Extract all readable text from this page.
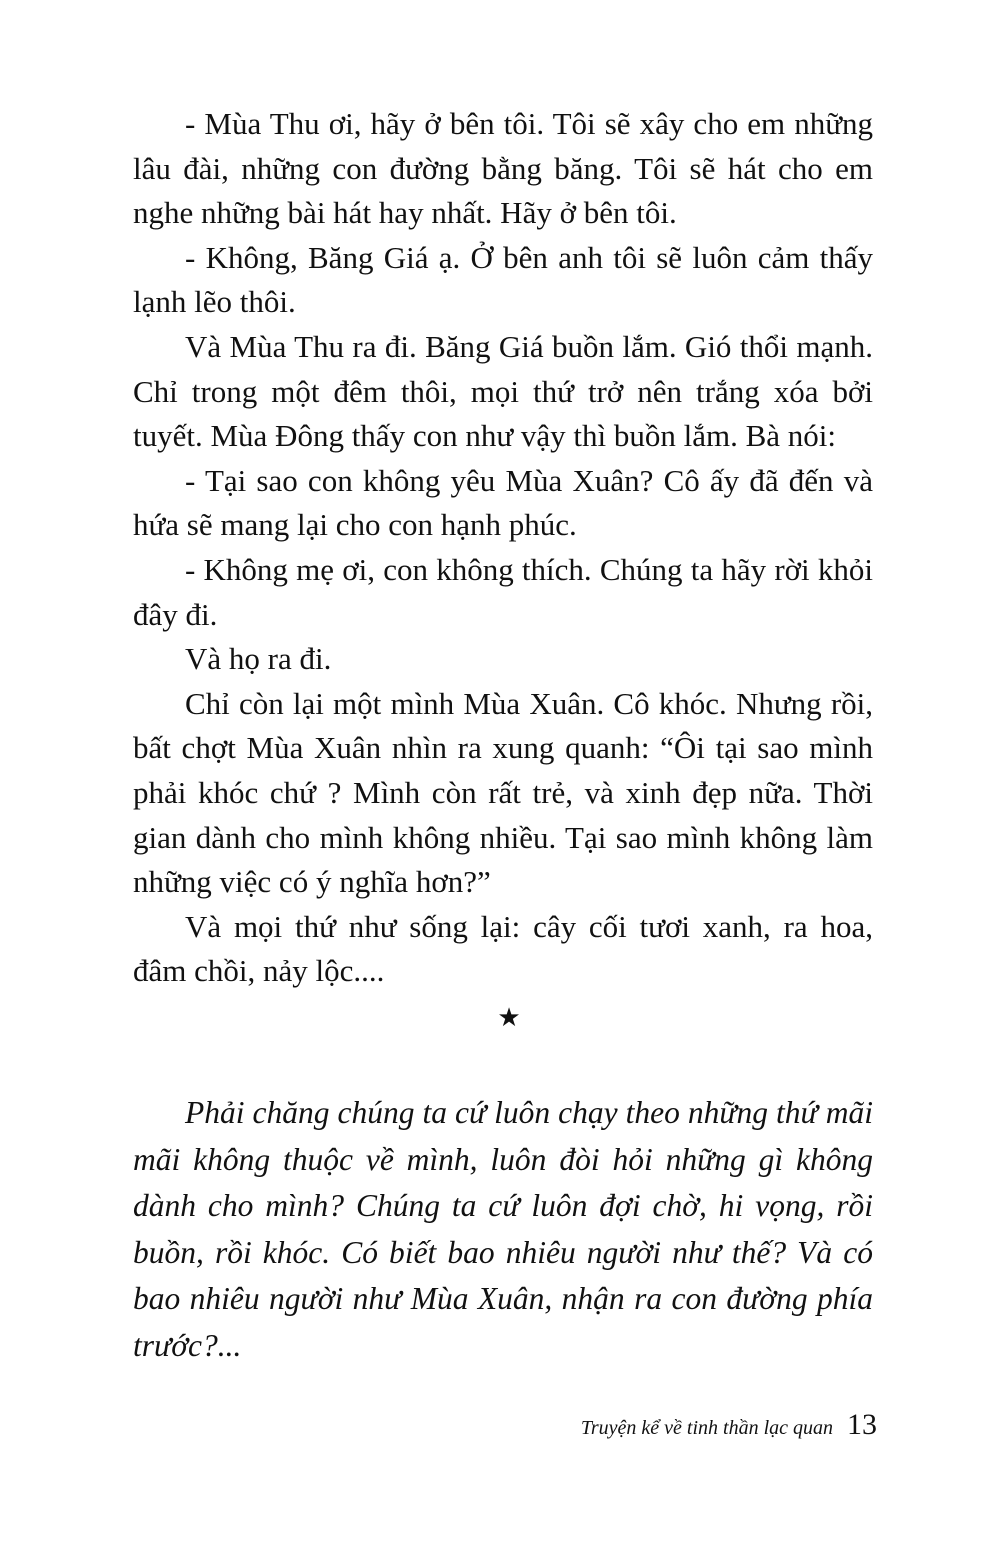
- Mùa Thu ơi, hãy ở bên tôi. Tôi sẽ xây cho em những lâu đài, những con đường bằng băng. Tôi sẽ hát cho em nghe những bài hát hay nhất. Hãy ở bên tôi.

- Không, Băng Giá ạ. Ở bên anh tôi sẽ luôn cảm thấy lạnh lẽo thôi.

Và Mùa Thu ra đi. Băng Giá buồn lắm. Gió thổi mạnh. Chỉ trong một đêm thôi, mọi thứ trở nên trắng xóa bởi tuyết. Mùa Đông thấy con như vậy thì buồn lắm. Bà nói:

- Tại sao con không yêu Mùa Xuân? Cô ấy đã đến và hứa sẽ mang lại cho con hạnh phúc.

- Không mẹ ơi, con không thích. Chúng ta hãy rời khỏi đây đi.

Và họ ra đi.

Chỉ còn lại một mình Mùa Xuân. Cô khóc. Nhưng rồi, bất chợt Mùa Xuân nhìn ra xung quanh: “Ôi tại sao mình phải khóc chứ ? Mình còn rất trẻ, và xinh đẹp nữa. Thời gian dành cho mình không nhiều. Tại sao mình không làm những việc có ý nghĩa hơn?”

Và mọi thứ như sống lại: cây cối tươi xanh, ra hoa, đâm chồi, nảy lộc....

★

Phải chăng chúng ta cứ luôn chạy theo những thứ mãi mãi không thuộc về mình, luôn đòi hỏi những gì không dành cho mình? Chúng ta cứ luôn đợi chờ, hi vọng, rồi buồn, rồi khóc. Có biết bao nhiêu người như thế? Và có bao nhiêu người như Mùa Xuân, nhận ra con đường phía trước?...

Truyện kể về tinh thần lạc quan 13
